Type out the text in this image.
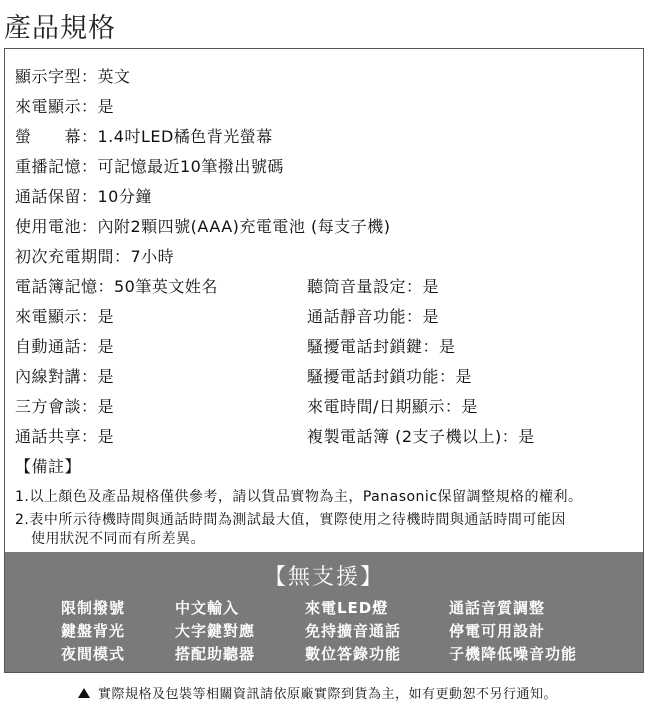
產品規格
顯示字型：英文
來電顯示：是
螢　　幕：1.4吋LED橘色背光螢幕
重播記憶：可記憶最近10筆撥出號碼
通話保留：10分鐘
使用電池：內附2顆四號(AAA)充電電池 (每支子機)
初次充電期間：7小時
電話簿記憶：50筆英文姓名
來電顯示：是
自動通話：是
內線對講：是
三方會談：是
通話共享：是
聽筒音量設定：是
通話靜音功能：是
騷擾電話封鎖鍵：是
騷擾電話封鎖功能：是
來電時間/日期顯示：是
複製電話簿 (2支子機以上)：是
【備註】
1.以上顏色及產品規格僅供參考，請以貨品實物為主，Panasonic保留調整規格的權利。
2.表中所示待機時間與通話時間為測試最大值，實際使用之待機時間與通話時間可能因
使用狀況不同而有所差異。
【無支援】
限制撥號
鍵盤背光
夜間模式
中文輸入
大字鍵對應
搭配助聽器
來電LED燈
免持擴音通話
數位答錄功能
通話音質調整
停電可用設計
子機降低噪音功能
實際規格及包裝等相關資訊請依原廠實際到貨為主，如有更動恕不另行通知。
